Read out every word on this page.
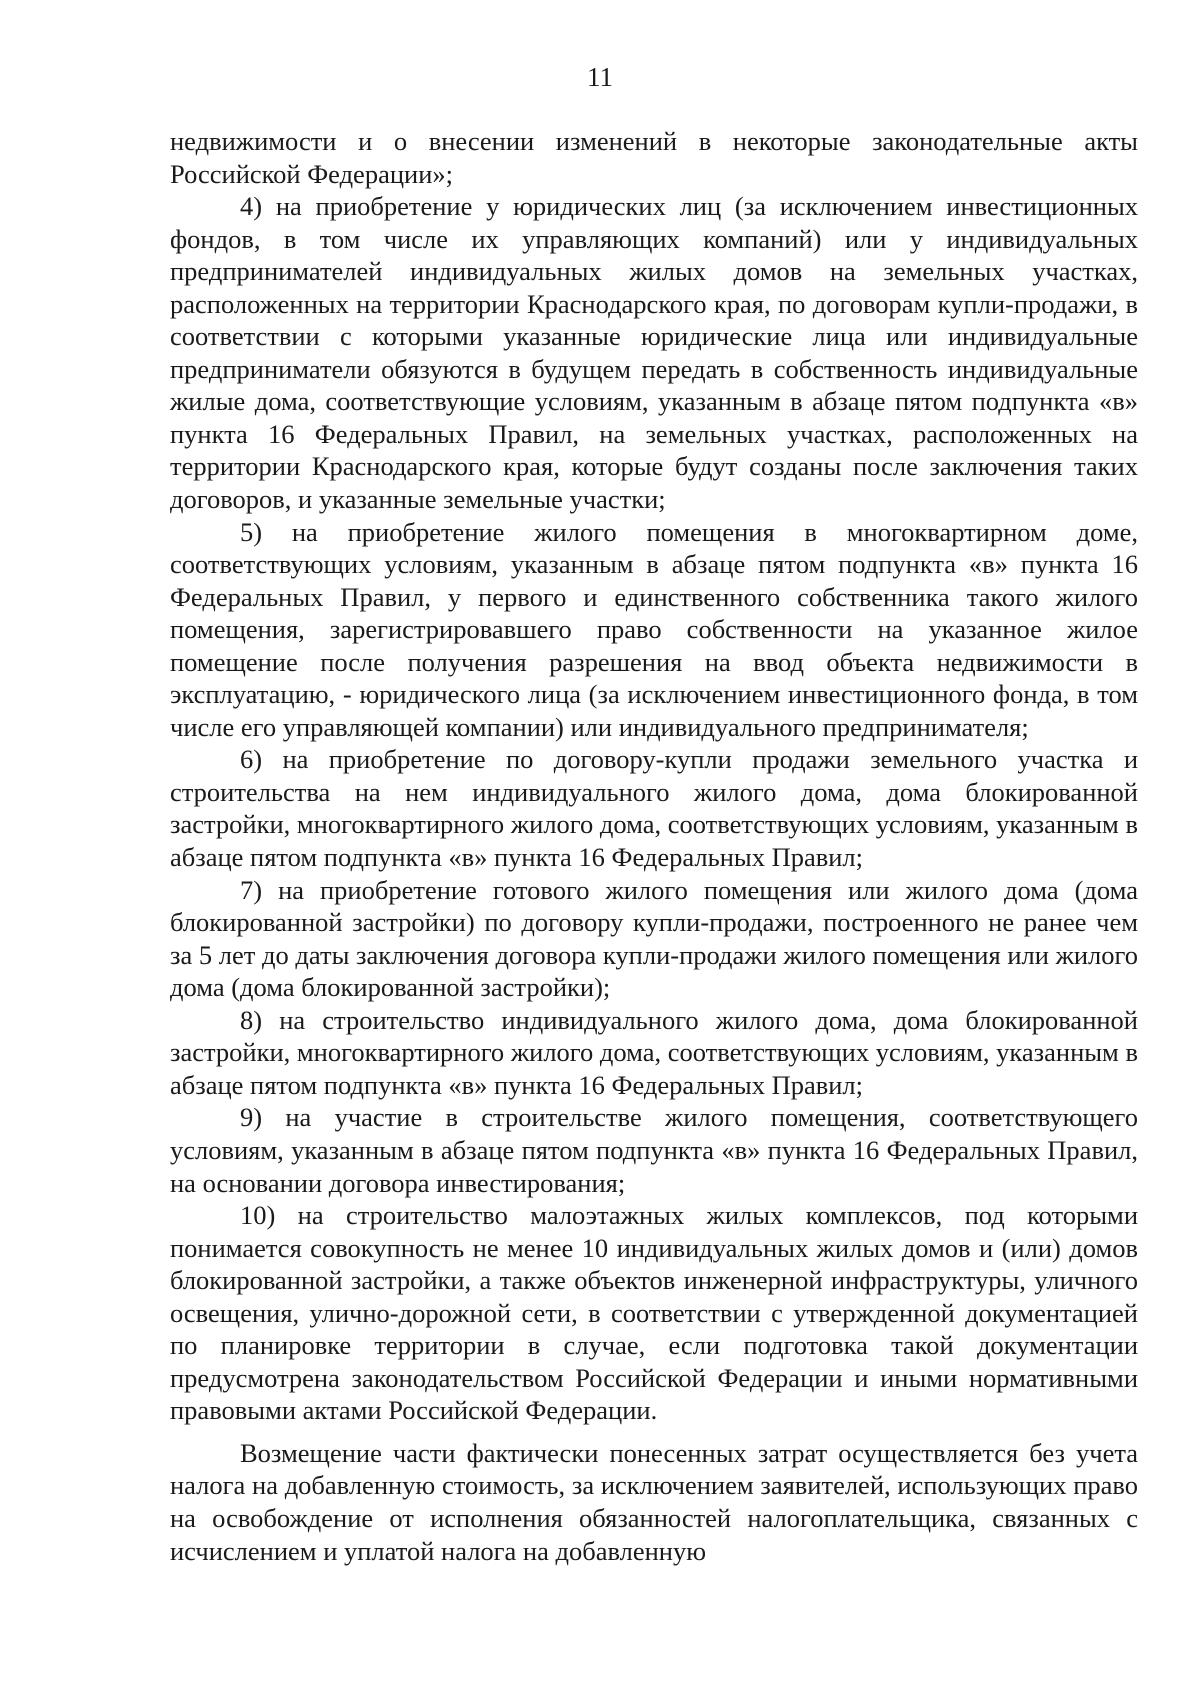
11

недвижимости и о внесении изменений в некоторые законодательные акты Российской Федерации»;

4) на приобретение у юридических лиц (за исключением инвестиционных фондов, в том числе их управляющих компаний) или у индивидуальных предпринимателей индивидуальных жилых домов на земельных участках, расположенных на территории Краснодарского края, по договорам купли-продажи, в соответствии с которыми указанные юридические лица или индивидуальные предприниматели обязуются в будущем передать в собственность индивидуальные жилые дома, соответствующие условиям, указанным в абзаце пятом подпункта «в» пункта 16 Федеральных Правил, на земельных участках, расположенных на территории Краснодарского края, которые будут созданы после заключения таких договоров, и указанные земельные участки;

5) на приобретение жилого помещения в многоквартирном доме, соответствующих условиям, указанным в абзаце пятом подпункта «в» пункта 16 Федеральных Правил, у первого и единственного собственника такого жилого помещения, зарегистрировавшего право собственности на указанное жилое помещение после получения разрешения на ввод объекта недвижимости в эксплуатацию, - юридического лица (за исключением инвестиционного фонда, в том числе его управляющей компании) или индивидуального предпринимателя;

6) на приобретение по договору-купли продажи земельного участка и строительства на нем индивидуального жилого дома, дома блокированной застройки, многоквартирного жилого дома, соответствующих условиям, указанным в абзаце пятом подпункта «в» пункта 16 Федеральных Правил;

7) на приобретение готового жилого помещения или жилого дома (дома блокированной застройки) по договору купли-продажи, построенного не ранее чем за 5 лет до даты заключения договора купли-продажи жилого помещения или жилого дома (дома блокированной застройки);

8) на строительство индивидуального жилого дома, дома блокированной застройки, многоквартирного жилого дома, соответствующих условиям, указанным в абзаце пятом подпункта «в» пункта 16 Федеральных Правил;

9) на участие в строительстве жилого помещения, соответствующего условиям, указанным в абзаце пятом подпункта «в» пункта 16 Федеральных Правил, на основании договора инвестирования;

10) на строительство малоэтажных жилых комплексов, под которыми понимается совокупность не менее 10 индивидуальных жилых домов и (или) домов блокированной застройки, а также объектов инженерной инфраструктуры, уличного освещения, улично-дорожной сети, в соответствии с утвержденной документацией по планировке территории в случае, если подготовка такой документации предусмотрена законодательством Российской Федерации и иными нормативными правовыми актами Российской Федерации.

Возмещение части фактически понесенных затрат осуществляется без учета налога на добавленную стоимость, за исключением заявителей, использующих право на освобождение от исполнения обязанностей налогоплательщика, связанных с исчислением и уплатой налога на добавленную
